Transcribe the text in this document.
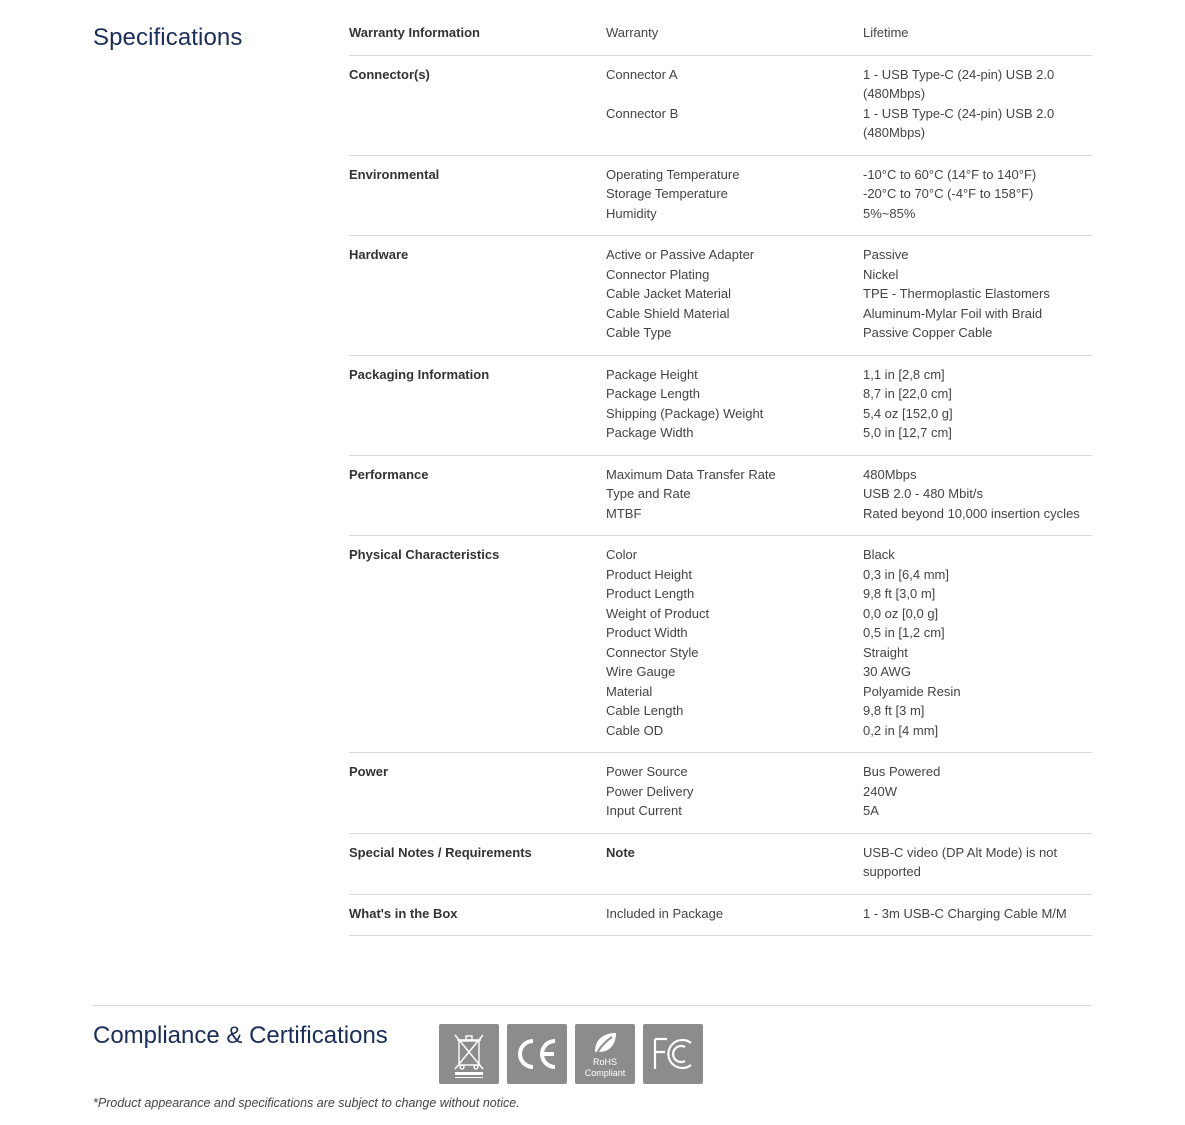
Specifications	Warranty Information	Warranty	Lifetime
Connector(s)	Connector A	1 - USB Type-C (24-pin) USB 2.0 (480Mbps)
Connector B	1 - USB Type-C (24-pin) USB 2.0 (480Mbps)
Environmental	Operating Temperature	-10°C to 60°C (14°F to 140°F)
Storage Temperature	-20°C to 70°C (-4°F to 158°F)
Humidity	5%~85%
Hardware	Active or Passive Adapter	Passive
Connector Plating	Nickel
Cable Jacket Material	TPE - Thermoplastic Elastomers
Cable Shield Material	Aluminum-Mylar Foil with Braid
Cable Type	Passive Copper Cable
Packaging Information	Package Height	1,1 in [2,8 cm]
Package Length	8,7 in [22,0 cm]
Shipping (Package) Weight	5,4 oz [152,0 g]
Package Width	5,0 in [12,7 cm]
Performance	Maximum Data Transfer Rate	480Mbps
Type and Rate	USB 2.0 - 480 Mbit/s
MTBF	Rated beyond 10,000 insertion cycles
Physical Characteristics	Color	Black
Product Height	0,3 in [6,4 mm]
Product Length	9,8 ft [3,0 m]
Weight of Product	0,0 oz [0,0 g]
Product Width	0,5 in [1,2 cm]
Connector Style	Straight
Wire Gauge	30 AWG
Material	Polyamide Resin
Cable Length	9,8 ft [3 m]
Cable OD	0,2 in [4 mm]
Power	Power Source	Bus Powered
Power Delivery	240W
Input Current	5A
Special Notes / Requirements	Note	USB-C video (DP Alt Mode) is not supported
What's in the Box	Included in Package	1 - 3m USB-C Charging Cable M/M
Compliance & Certifications
RoHS
Compliant

*Product appearance and specifications are subject to change without notice.
